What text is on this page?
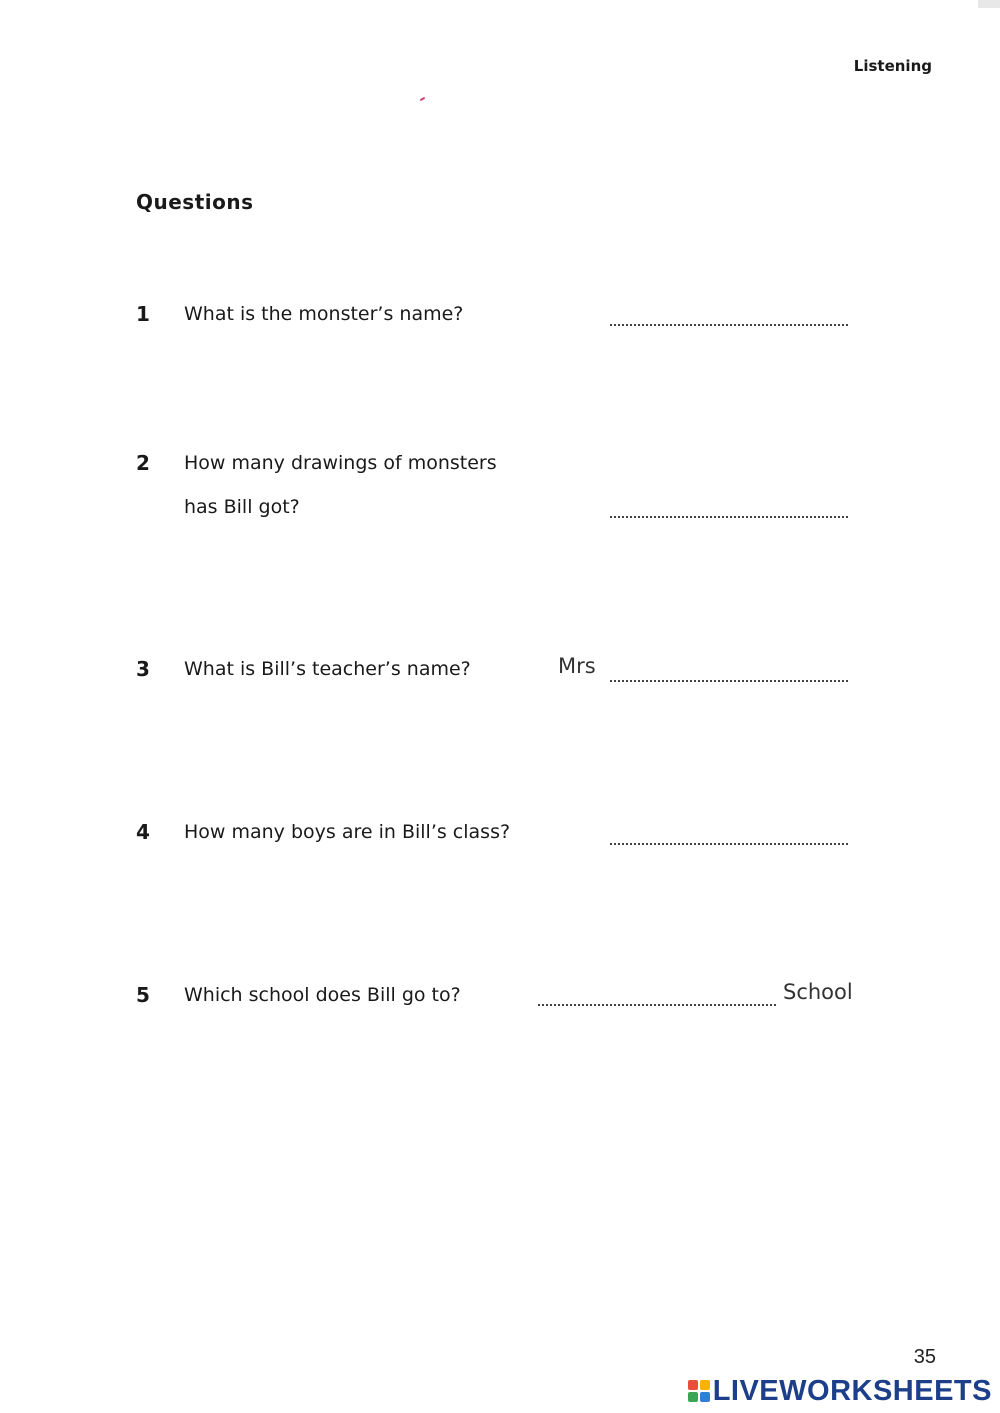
Listening
Questions
1 What is the monster’s name?
2 How many drawings of monsters
has Bill got?
3 What is Bill’s teacher’s name?	Mrs
4 How many boys are in Bill’s class?
5 Which school does Bill go to?	School
35
LIVEWORKSHEETS
